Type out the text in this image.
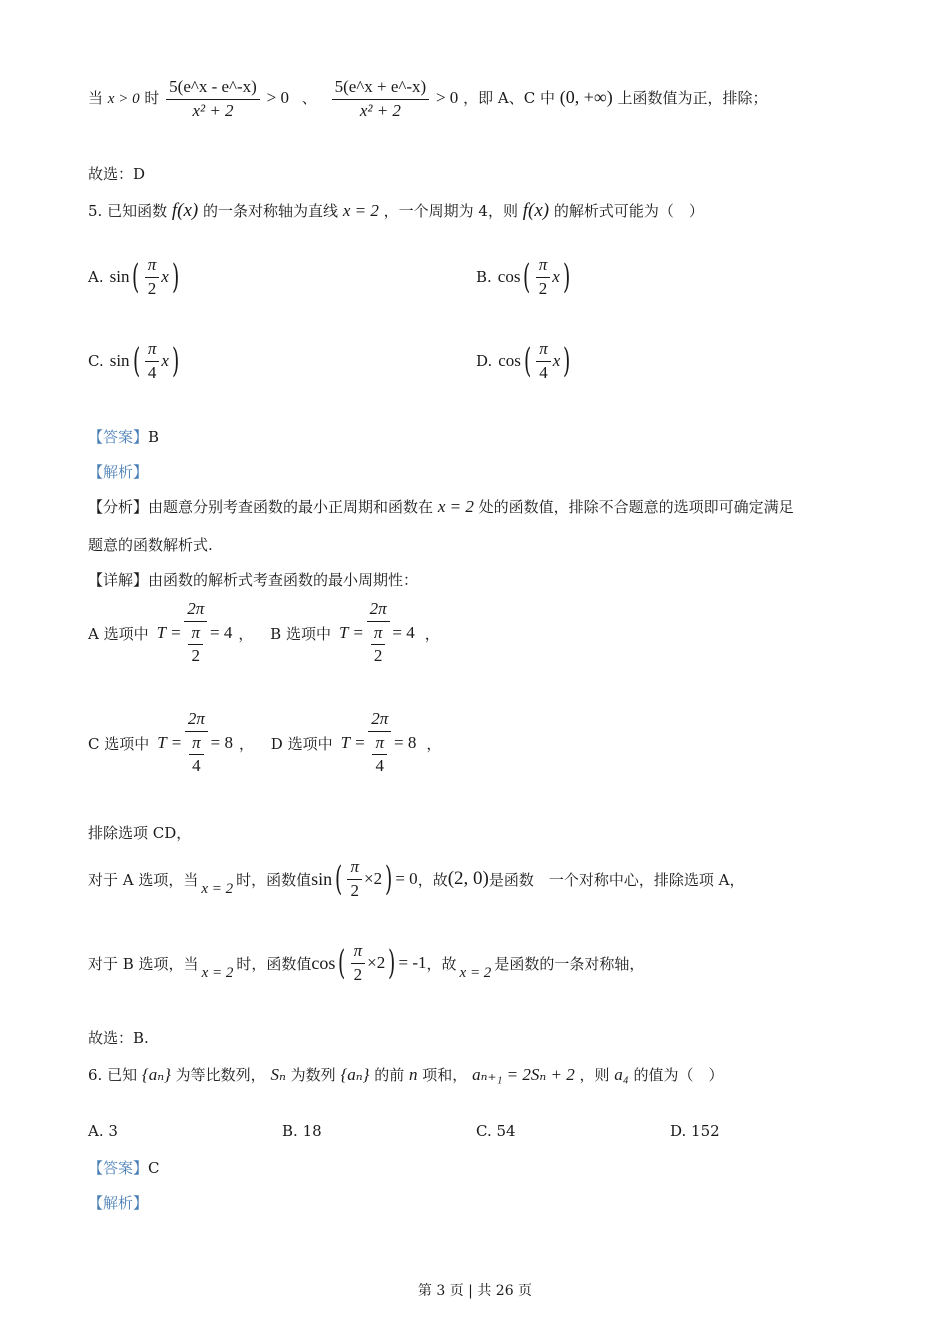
当 x > 0 时 $\frac{5(e\^{}x - e\^{}-x)}{\text{x² + 2}} > 0$ 、 $\frac{5(e\^{}x + e\^{}-x)}{\text{x² + 2}} > 0$ ，即 A、C 中 (0, +∞) 上函数值为正，排除；
故选：D
5. 已知函数 f(x) 的一条对称轴为直线 x = 2 ，一个周期为 4，则 f(x) 的解析式可能为（　）
A. sin ( $\frac{\pi}{2}$ x )	B. cos ( $\frac{\pi}{2}$ x )
C. sin ( $\frac{\pi}{4}$ x )	D. cos ( $\frac{\pi}{4}$ x )
【答案】B
【解析】
【分析】由题意分别考查函数的最小正周期和函数在 x = 2 处的函数值，排除不合题意的选项即可确定满足
题意的函数解析式.
【详解】由函数的解析式考查函数的最小周期性：
A 选项中 $T = \frac{2\pi}{\frac{\pi}{2}} = 4$ ，
B 选项中 $T = \frac{2\pi}{\frac{\pi}{2}} = 4$ ，
C 选项中 $T = \frac{2\pi}{\frac{\pi}{4}} = 8$ ，
D 选项中 $T = \frac{2\pi}{\frac{\pi}{4}} = 8$ ，
排除选项 CD，
对于 A 选项，当 x = 2 时，函数值 sin ( $\frac{\pi}{2} \times 2$ ) = 0 ，故 (2, 0) 是函数　一个对称中心，排除选项 A，
对于 B 选项，当 x = 2 时，函数值 cos ( $\frac{\pi}{2} \times 2$ ) = -1 ，故 x = 2 是函数的一条对称轴，
故选：B.
6. 已知 {aₙ} 为等比数列， Sₙ 为数列 {aₙ} 的前 n 项和， aₙ₊₁ = 2Sₙ + 2 ，则 a₄ 的值为（　）
A. 3	B. 18	C. 54	D. 152
【答案】C
【解析】
第 3 页 | 共 26 页
